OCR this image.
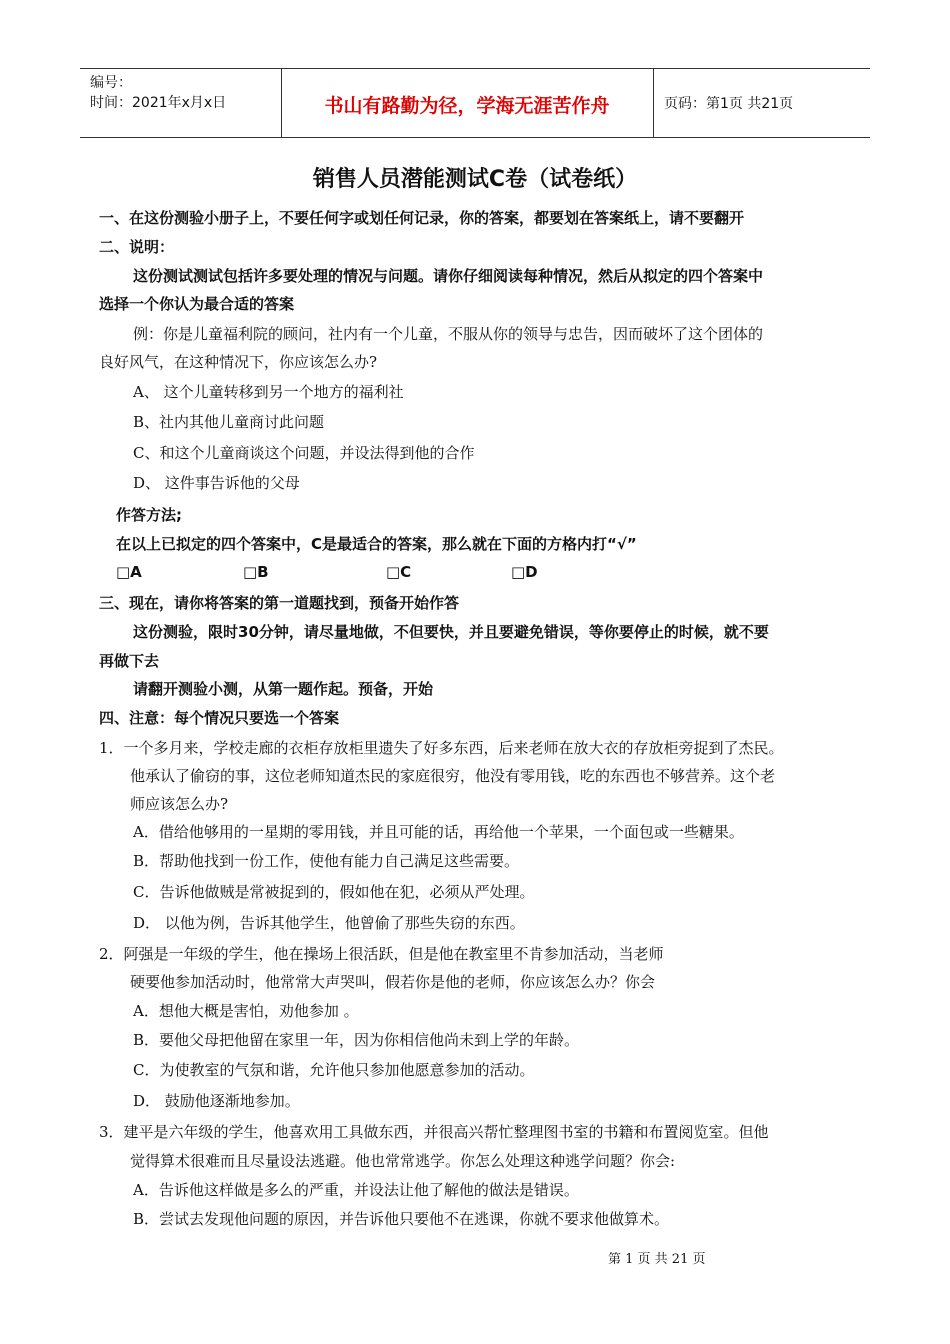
编号：
时间：2021年x月x日	书山有路勤为径，学海无涯苦作舟	页码：第1页 共21页
销售人员潜能测试C卷（试卷纸）
一、在这份测验小册子上，不要任何字或划任何记录，你的答案，都要划在答案纸上，请不要翻开
二、说明：
这份测试测试包括许多要处理的情况与问题。请你仔细阅读每种情况，然后从拟定的四个答案中
选择一个你认为最合适的答案
例：你是儿童福利院的顾问，社内有一个儿童，不服从你的领导与忠告，因而破坏了这个团体的
良好风气，在这种情况下，你应该怎么办?
A、 这个儿童转移到另一个地方的福利社
B、社内其他儿童商讨此问题
C、和这个儿童商谈这个问题，并设法得到他的合作
D、 这件事告诉他的父母
作答方法;
在以上已拟定的四个答案中，C是最适合的答案，那么就在下面的方格内打“√”
□A	□B	□C	□D
三、现在，请你将答案的第一道题找到，预备开始作答
这份测验，限时30分钟，请尽量地做，不但要快，并且要避免错误，等你要停止的时候，就不要
再做下去
请翻开测验小测，从第一题作起。预备，开始
四、注意：每个情况只要选一个答案
1．一个多月来，学校走廊的衣柜存放柜里遗失了好多东西，后来老师在放大衣的存放柜旁捉到了杰民。
他承认了偷窃的事，这位老师知道杰民的家庭很穷，他没有零用钱，吃的东西也不够营养。这个老
师应该怎么办?
A．借给他够用的一星期的零用钱，并且可能的话，再给他一个苹果，一个面包或一些糖果。
B．帮助他找到一份工作，使他有能力自己满足这些需要。
C．告诉他做贼是常被捉到的，假如他在犯，必须从严处理。
D． 以他为例，告诉其他学生，他曾偷了那些失窃的东西。
2．阿强是一年级的学生，他在操场上很活跃，但是他在教室里不肯参加活动，当老师
硬要他参加活动时，他常常大声哭叫，假若你是他的老师，你应该怎么办？你会
A．想他大概是害怕，劝他参加 。
B．要他父母把他留在家里一年，因为你相信他尚未到上学的年龄。
C．为使教室的气氛和谐，允许他只参加他愿意参加的活动。
D． 鼓励他逐渐地参加。
3．建平是六年级的学生，他喜欢用工具做东西，并很高兴帮忙整理图书室的书籍和布置阅览室。但他
觉得算术很难而且尽量设法逃避。他也常常逃学。你怎么处理这种逃学问题？你会:
A．告诉他这样做是多么的严重，并设法让他了解他的做法是错误。
B．尝试去发现他问题的原因，并告诉他只要他不在逃课，你就不要求他做算术。
第 1 页 共 21 页
